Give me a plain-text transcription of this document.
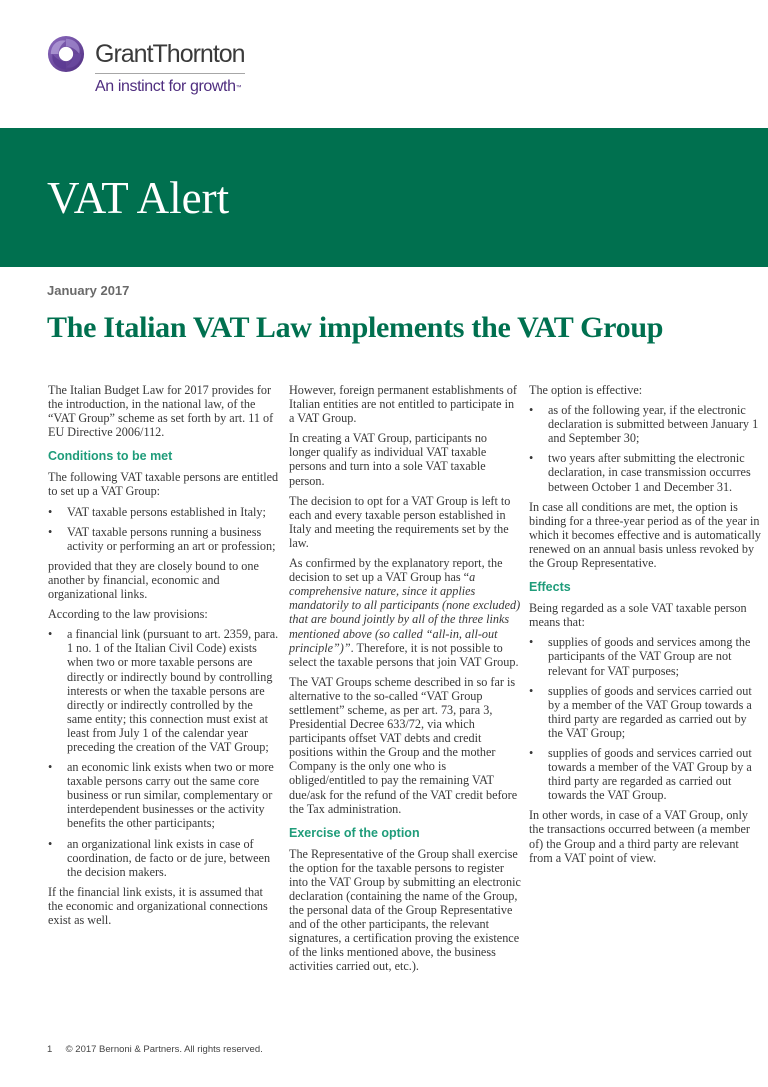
GrantThornton
An instinct for growth™
VAT Alert
January 2017
The Italian VAT Law implements the VAT Group

The Italian Budget Law for 2017 provides for the introduction, in the national law, of the “VAT Group” scheme as set forth by art. 11 of EU Directive 2006/112.

Conditions to be met

The following VAT taxable persons are entitled to set up a VAT Group:

• VAT taxable persons established in Italy;
• VAT taxable persons running a business activity or performing an art or profession;

provided that they are closely bound to one another by financial, economic and organizational links.

According to the law provisions:

• a financial link (pursuant to art. 2359, para. 1 no. 1 of the Italian Civil Code) exists when two or more taxable persons are directly or indirectly bound by controlling interests or when the taxable persons are directly or indirectly controlled by the same entity; this connection must exist at least from July 1 of the calendar year preceding the creation of the VAT Group;
• an economic link exists when two or more taxable persons carry out the same core business or run similar, complementary or interdependent businesses or the activity benefits the other participants;
• an organizational link exists in case of coordination, de facto or de jure, between the decision makers.

If the financial link exists, it is assumed that the economic and organizational connections exist as well.

However, foreign permanent establishments of Italian entities are not entitled to participate in a VAT Group.

In creating a VAT Group, participants no longer qualify as individual VAT taxable persons and turn into a sole VAT taxable person.

The decision to opt for a VAT Group is left to each and every taxable person established in Italy and meeting the requirements set by the law.

As confirmed by the explanatory report, the decision to set up a VAT Group has “a comprehensive nature, since it applies mandatorily to all participants (none excluded) that are bound jointly by all of the three links mentioned above (so called “all-in, all-out principle”)”. Therefore, it is not possible to select the taxable persons that join VAT Group.

The VAT Groups scheme described in so far is alternative to the so-called “VAT Group settlement” scheme, as per art. 73, para 3, Presidential Decree 633/72, via which participants offset VAT debts and credit positions within the Group and the mother Company is the only one who is obliged/entitled to pay the remaining VAT due/ask for the refund of the VAT credit before the Tax administration.

Exercise of the option

The Representative of the Group shall exercise the option for the taxable persons to register into the VAT Group by submitting an electronic declaration (containing the name of the Group, the personal data of the Group Representative and of the other participants, the relevant signatures, a certification proving the existence of the links mentioned above, the business activities carried out, etc.).

The option is effective:

• as of the following year, if the electronic declaration is submitted between January 1 and September 30;
• two years after submitting the electronic declaration, in case transmission occurres between October 1 and December 31.

In case all conditions are met, the option is binding for a three-year period as of the year in which it becomes effective and is automatically renewed on an annual basis unless revoked by the Group Representative.

Effects

Being regarded as a sole VAT taxable person means that:

• supplies of goods and services among the participants of the VAT Group are not relevant for VAT purposes;
• supplies of goods and services carried out by a member of the VAT Group towards a third party are regarded as carried out by the VAT Group;
• supplies of goods and services carried out towards a member of the VAT Group by a third party are regarded as carried out towards the VAT Group.

In other words, in case of a VAT Group, only the transactions occurred between (a member of) the Group and a third party are relevant from a VAT point of view.

1 © 2017 Bernoni & Partners. All rights reserved.
